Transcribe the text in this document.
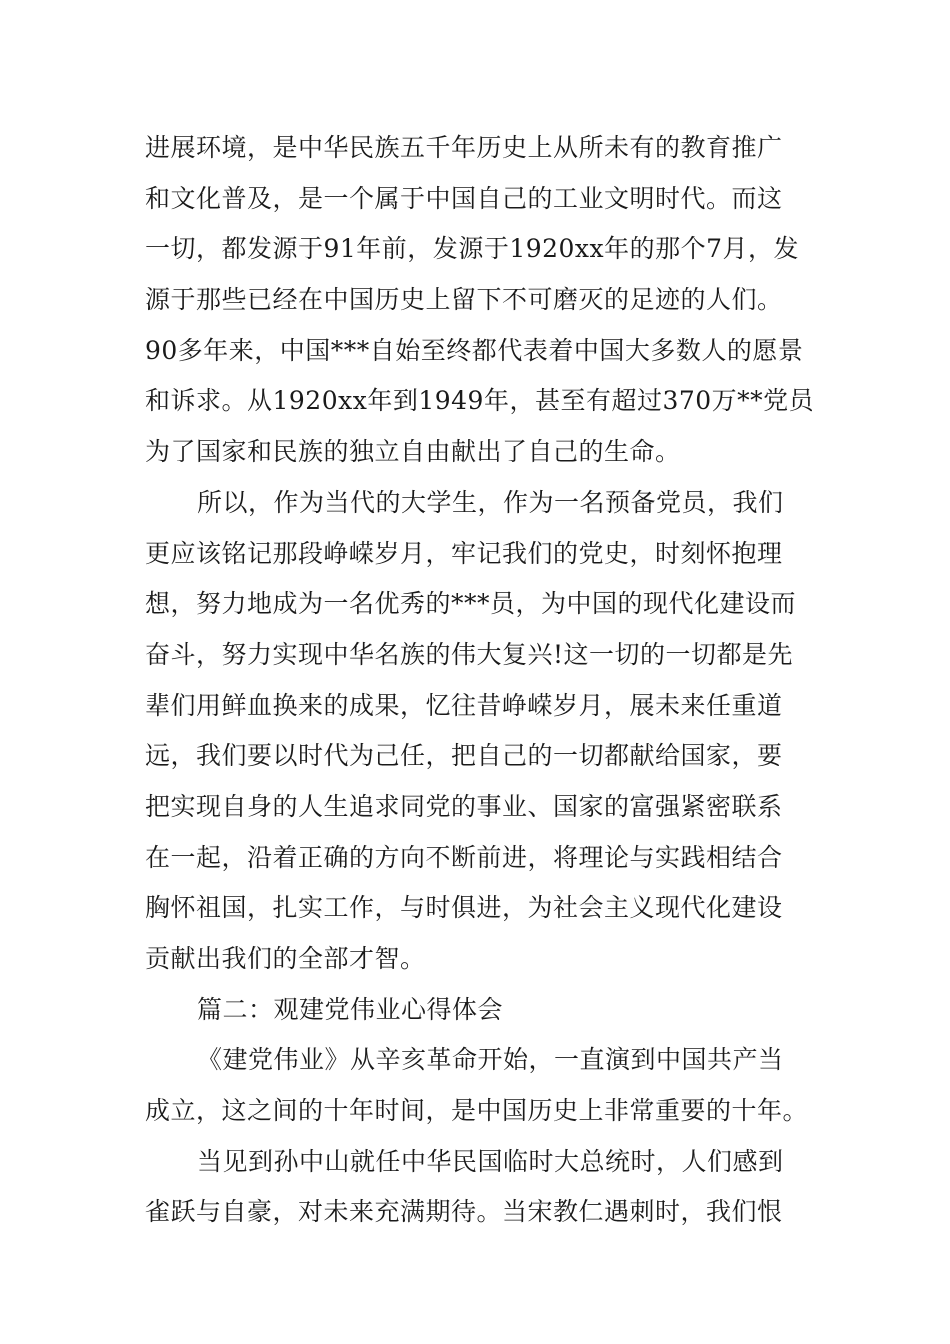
进展环境，是中华民族五千年历史上从所未有的教育推广
和文化普及，是一个属于中国自己的工业文明时代。而这
一切，都发源于91年前，发源于1920xx年的那个7月，发
源于那些已经在中国历史上留下不可磨灭的足迹的人们。
90多年来，中国***自始至终都代表着中国大多数人的愿景
和诉求。从1920xx年到1949年，甚至有超过370万**党员
为了国家和民族的独立自由献出了自己的生命。
所以，作为当代的大学生，作为一名预备党员，我们
更应该铭记那段峥嵘岁月，牢记我们的党史，时刻怀抱理
想，努力地成为一名优秀的***员，为中国的现代化建设而
奋斗，努力实现中华名族的伟大复兴!这一切的一切都是先
辈们用鲜血换来的成果，忆往昔峥嵘岁月，展未来任重道
远，我们要以时代为己任，把自己的一切都献给国家，要
把实现自身的人生追求同党的事业、国家的富强紧密联系
在一起，沿着正确的方向不断前进，将理论与实践相结合
胸怀祖国，扎实工作，与时俱进，为社会主义现代化建设
贡献出我们的全部才智。
篇二：观建党伟业心得体会
《建党伟业》从辛亥革命开始，一直演到中国共产当
成立，这之间的十年时间，是中国历史上非常重要的十年。
当见到孙中山就任中华民国临时大总统时，人们感到
雀跃与自豪，对未来充满期待。当宋教仁遇刺时，我们恨
